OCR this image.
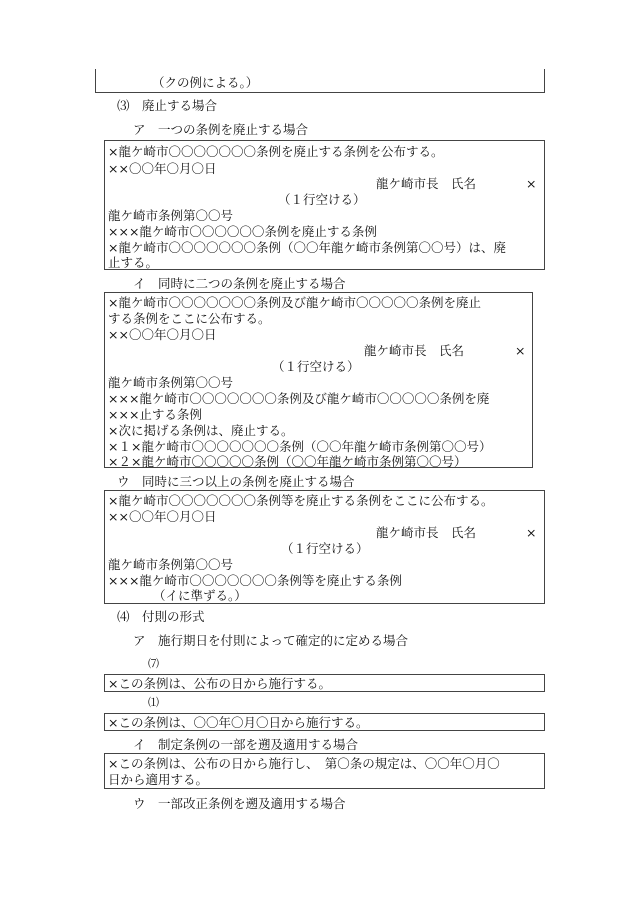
（クの例による。）
⑶　廃止する場合
ア　一つの条例を廃止する場合
×龍ケ崎市〇〇〇〇〇〇〇条例を廃止する条例を公布する。
××〇〇年〇月〇日
龍ケ崎市長　氏名	×
（１行空ける）
龍ケ崎市条例第〇〇号
×××龍ケ崎市〇〇〇〇〇〇条例を廃止する条例
×龍ケ崎市〇〇〇〇〇〇〇条例（〇〇年龍ケ崎市条例第〇〇号）は、廃
止する。
イ　同時に二つの条例を廃止する場合
×龍ケ崎市〇〇〇〇〇〇〇条例及び龍ケ崎市〇〇〇〇〇条例を廃止
する条例をここに公布する。
××〇〇年〇月〇日
龍ケ崎市長　氏名	×
（１行空ける）
龍ケ崎市条例第〇〇号
×××龍ケ崎市〇〇〇〇〇〇〇条例及び龍ケ崎市〇〇〇〇〇条例を廃
×××止する条例
×次に掲げる条例は、廃止する。
×１×龍ケ崎市〇〇〇〇〇〇〇条例（〇〇年龍ケ崎市条例第〇〇号）
×２×龍ケ崎市〇〇〇〇〇条例（〇〇年龍ケ崎市条例第〇〇号）
ウ　同時に三つ以上の条例を廃止する場合
×龍ケ崎市〇〇〇〇〇〇〇条例等を廃止する条例をここに公布する。
××〇〇年〇月〇日
龍ケ崎市長　氏名	×
（１行空ける）
龍ケ崎市条例第〇〇号
×××龍ケ崎市〇〇〇〇〇〇〇条例等を廃止する条例
（イに準ずる。）
⑷　付則の形式
ア　施行期日を付則によって確定的に定める場合
⑺
×この条例は、公布の日から施行する。
⑴
×この条例は、〇〇年〇月〇日から施行する。
イ　制定条例の一部を遡及適用する場合
×この条例は、公布の日から施行し、　第〇条の規定は、〇〇年〇月〇
日から適用する。
ウ　一部改正条例を遡及適用する場合
